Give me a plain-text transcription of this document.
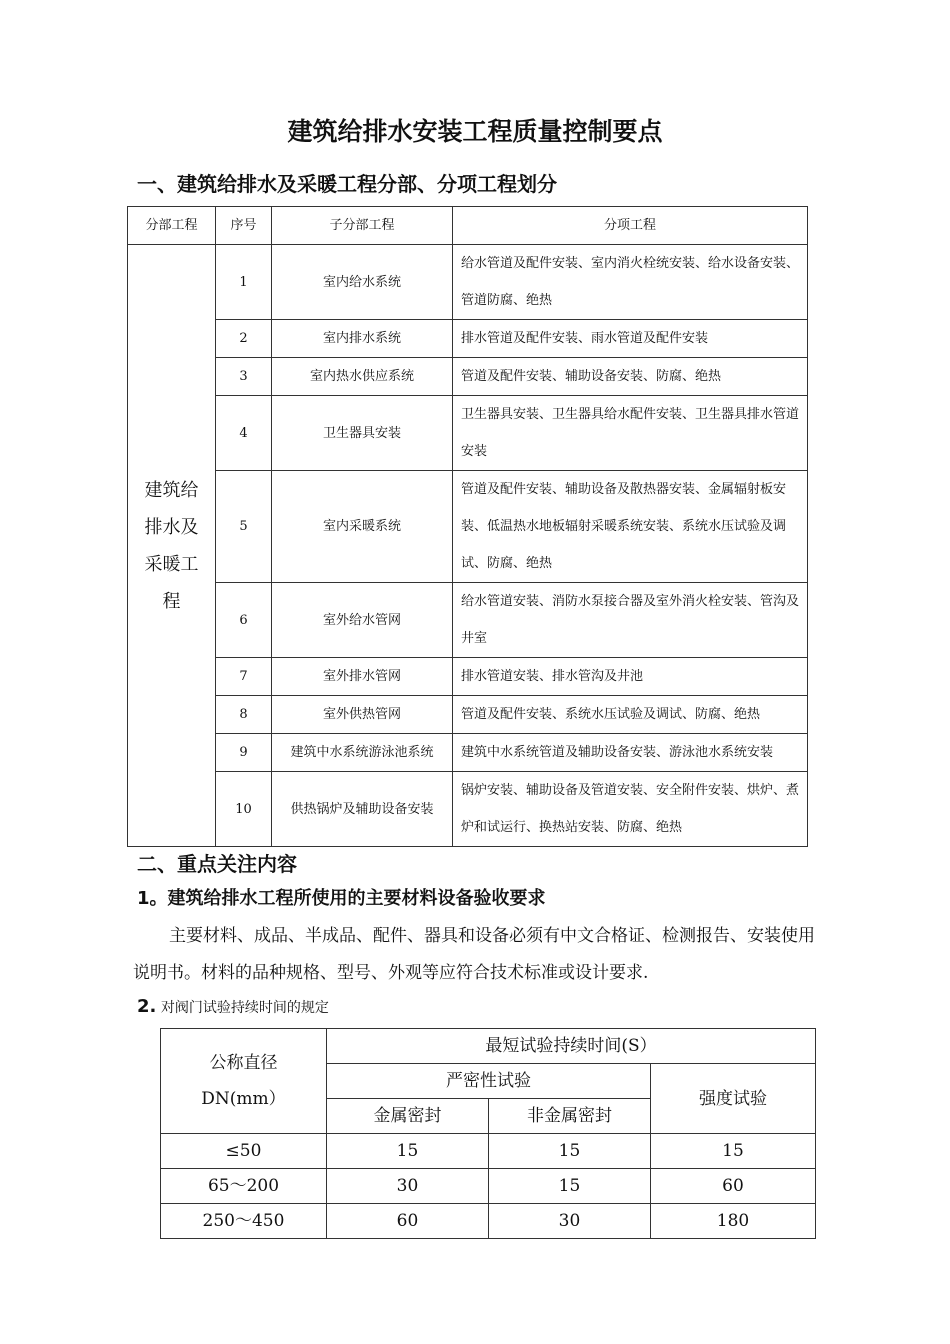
建筑给排水安装工程质量控制要点
一、建筑给排水及采暖工程分部、分项工程划分
分部工程	序号	子分部工程	分项工程
建筑给排水及采暖工程	1	室内给水系统	给水管道及配件安装、室内消火栓统安装、给水设备安装、管道防腐、绝热
	2	室内排水系统	排水管道及配件安装、雨水管道及配件安装
	3	室内热水供应系统	管道及配件安装、辅助设备安装、防腐、绝热
	4	卫生器具安装	卫生器具安装、卫生器具给水配件安装、卫生器具排水管道安装
	5	室内采暖系统	管道及配件安装、辅助设备及散热器安装、金属辐射板安装、低温热水地板辐射采暖系统安装、系统水压试验及调试、防腐、绝热
	6	室外给水管网	给水管道安装、消防水泵接合器及室外消火栓安装、管沟及井室
	7	室外排水管网	排水管道安装、排水管沟及井池
	8	室外供热管网	管道及配件安装、系统水压试验及调试、防腐、绝热
	9	建筑中水系统游泳池系统	建筑中水系统管道及辅助设备安装、游泳池水系统安装
	10	供热锅炉及辅助设备安装	锅炉安装、辅助设备及管道安装、安全附件安装、烘炉、煮炉和试运行、换热站安装、防腐、绝热
二、重点关注内容
1。建筑给排水工程所使用的主要材料设备验收要求
主要材料、成品、半成品、配件、器具和设备必须有中文合格证、检测报告、安装使用说明书。材料的品种规格、型号、外观等应符合技术标准或设计要求.
2. 对阀门试验持续时间的规定
公称直径
DN(mm）	最短试验持续时间(S）		
	严密性试验		强度试验
	金属密封	非金属密封	
≤50	15	15	15
65～200	30	15	60
250～450	60	30	180
